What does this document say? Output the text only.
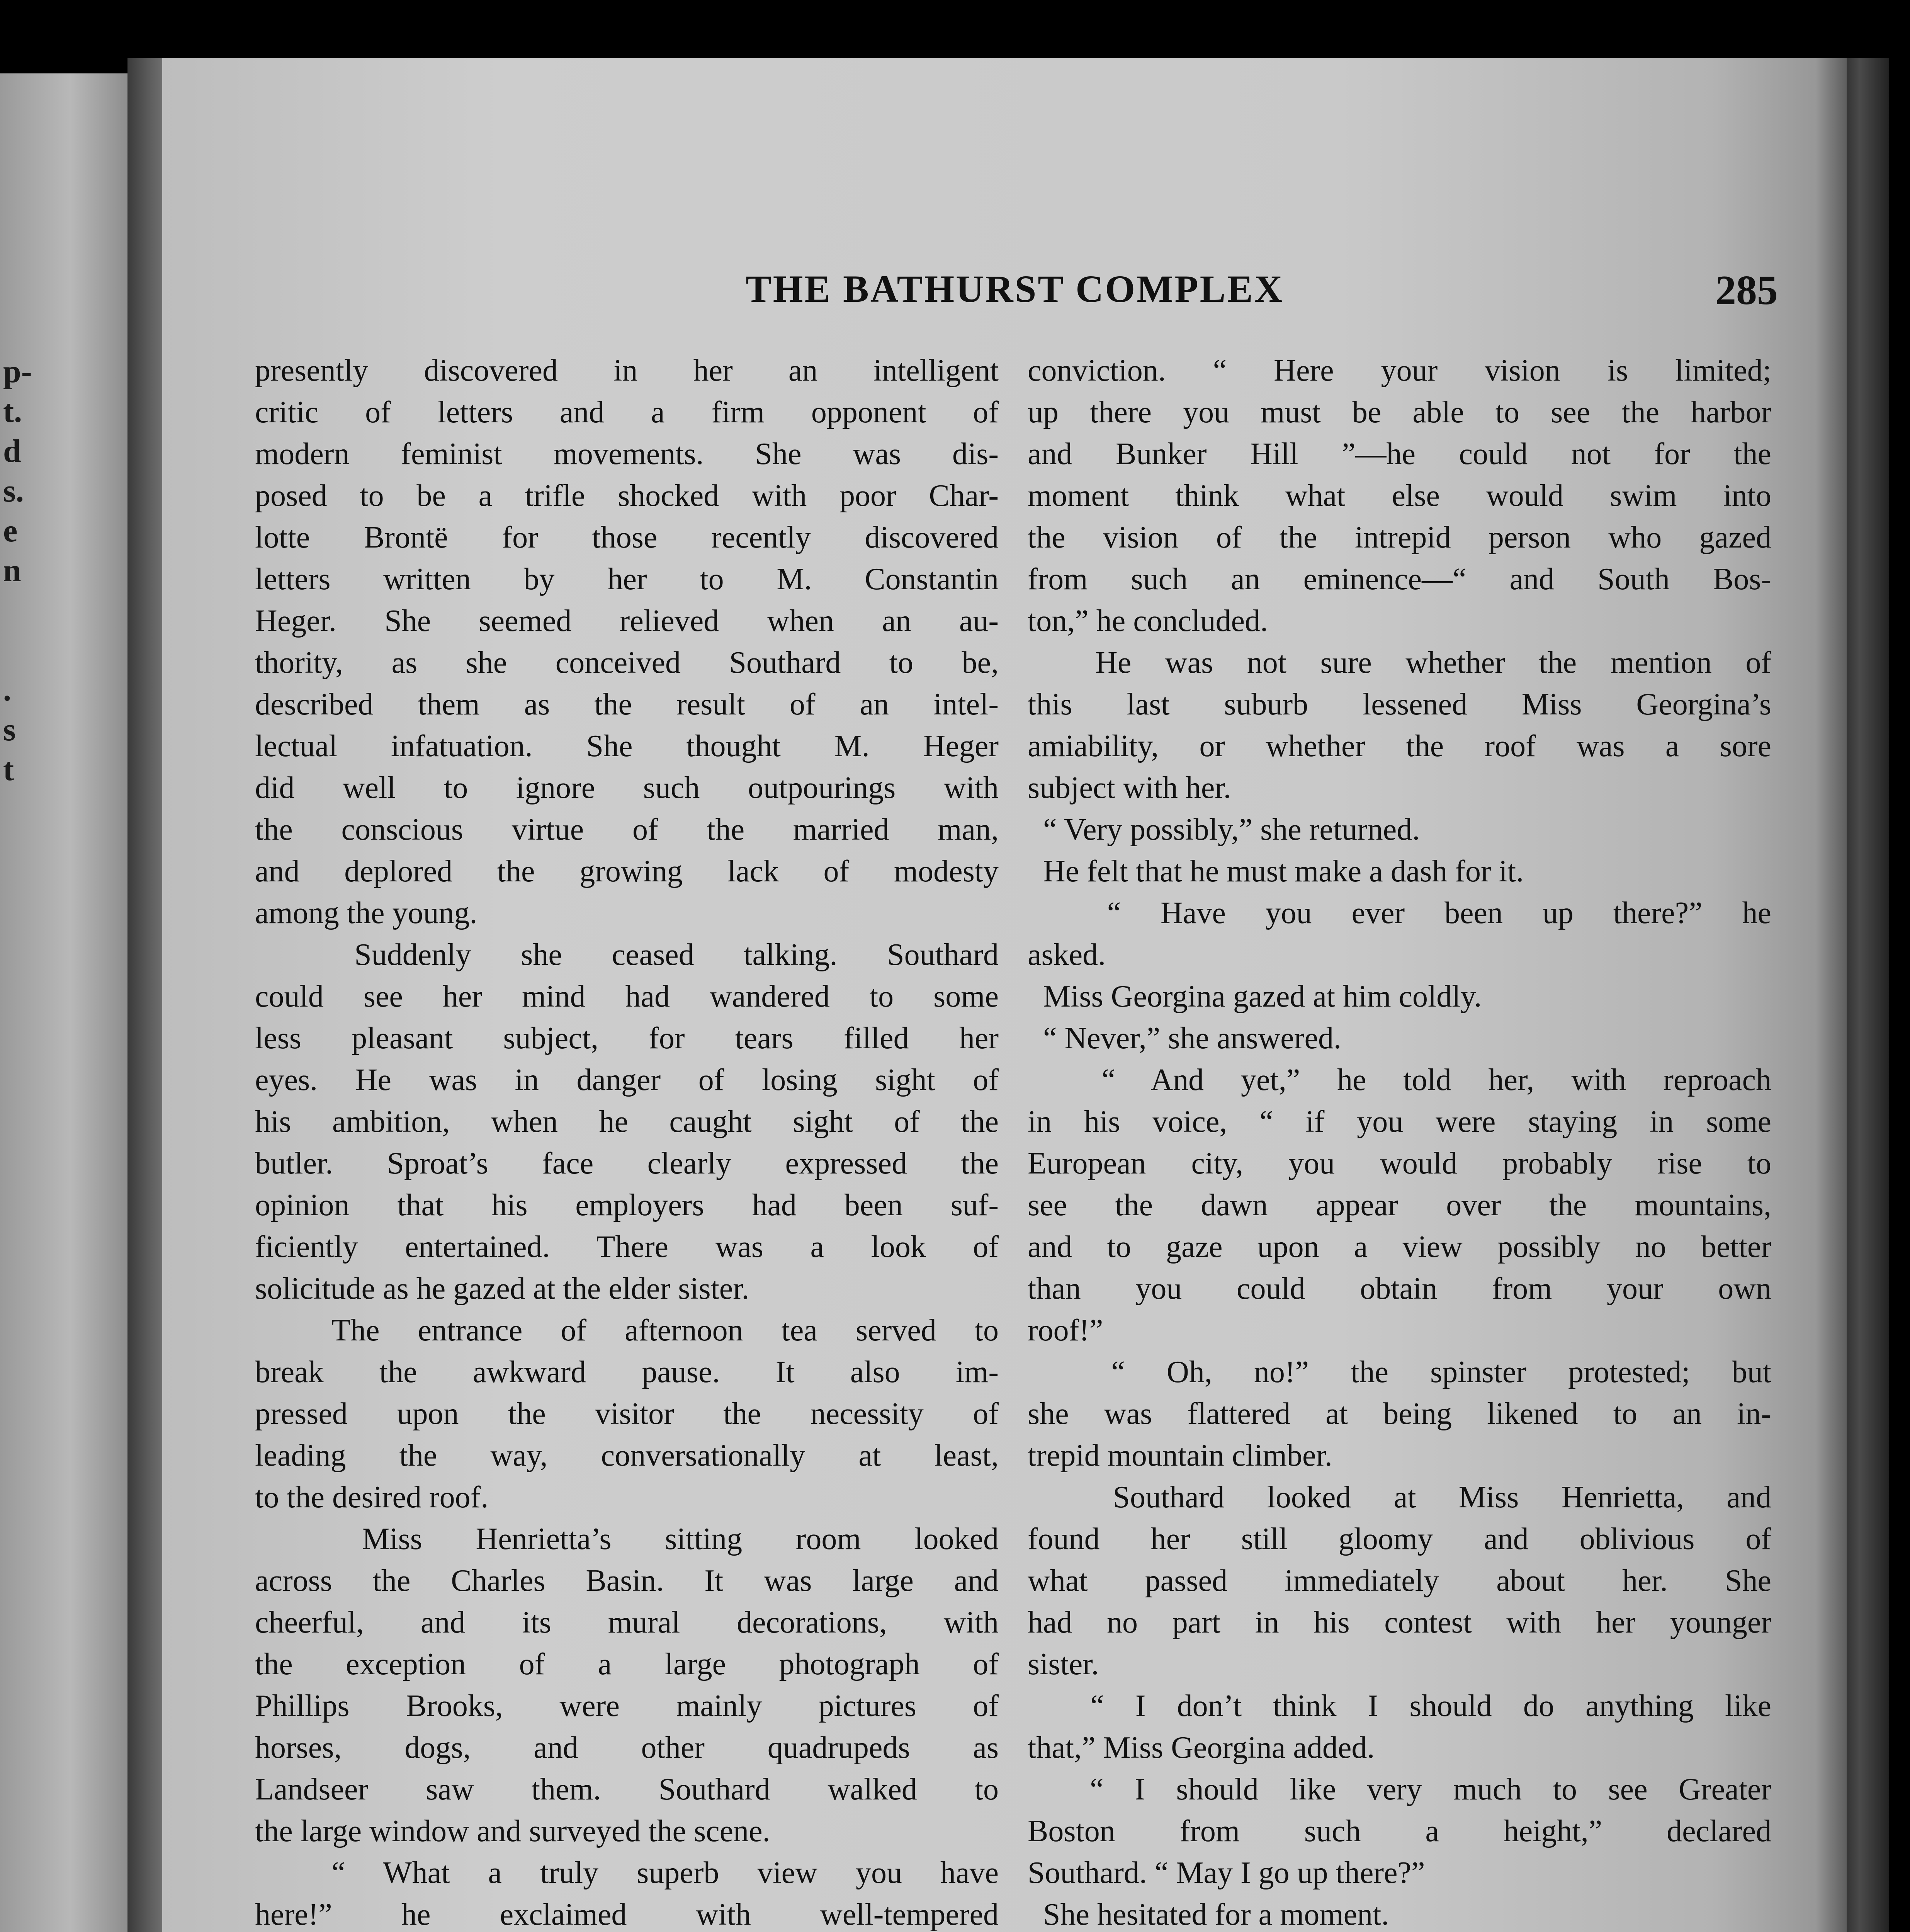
p-
t.
d
s.
e
n
.
s
t
THE BATHURST COMPLEX	285
presently discovered in her an intelligent
critic of letters and a firm opponent of
modern feminist movements. She was dis-
posed to be a trifle shocked with poor Char-
lotte Brontë for those recently discovered
letters written by her to M. Constantin
Heger. She seemed relieved when an au-
thority, as she conceived Southard to be,
described them as the result of an intel-
lectual infatuation. She thought M. Heger
did well to ignore such outpourings with
the conscious virtue of the married man,
and deplored the growing lack of modesty
among the young.
Suddenly she ceased talking. Southard
could see her mind had wandered to some
less pleasant subject, for tears filled her
eyes. He was in danger of losing sight of
his ambition, when he caught sight of the
butler. Sproat’s face clearly expressed the
opinion that his employers had been suf-
ficiently entertained. There was a look of
solicitude as he gazed at the elder sister.
The entrance of afternoon tea served to
break the awkward pause. It also im-
pressed upon the visitor the necessity of
leading the way, conversationally at least,
to the desired roof.
Miss Henrietta’s sitting room looked
across the Charles Basin. It was large and
cheerful, and its mural decorations, with
the exception of a large photograph of
Phillips Brooks, were mainly pictures of
horses, dogs, and other quadrupeds as
Landseer saw them. Southard walked to
the large window and surveyed the scene.
“ What a truly superb view you have
here!” he exclaimed with well-tempered
conviction. “ Here your vision is limited;
up there you must be able to see the harbor
and Bunker Hill ”—he could not for the
moment think what else would swim into
the vision of the intrepid person who gazed
from such an eminence—“ and South Bos-
ton,” he concluded.
He was not sure whether the mention of
this last suburb lessened Miss Georgina’s
amiability, or whether the roof was a sore
subject with her.
“ Very possibly,” she returned.
He felt that he must make a dash for it.
“ Have you ever been up there?” he
asked.
Miss Georgina gazed at him coldly.
“ Never,” she answered.
“ And yet,” he told her, with reproach
in his voice, “ if you were staying in some
European city, you would probably rise to
see the dawn appear over the mountains,
and to gaze upon a view possibly no better
than you could obtain from your own
roof!”
“ Oh, no!” the spinster protested; but
she was flattered at being likened to an in-
trepid mountain climber.
Southard looked at Miss Henrietta, and
found her still gloomy and oblivious of
what passed immediately about her. She
had no part in his contest with her younger
sister.
“ I don’t think I should do anything like
that,” Miss Georgina added.
“ I should like very much to see Greater
Boston from such a height,” declared
Southard. “ May I go up there?”
She hesitated for a moment.
